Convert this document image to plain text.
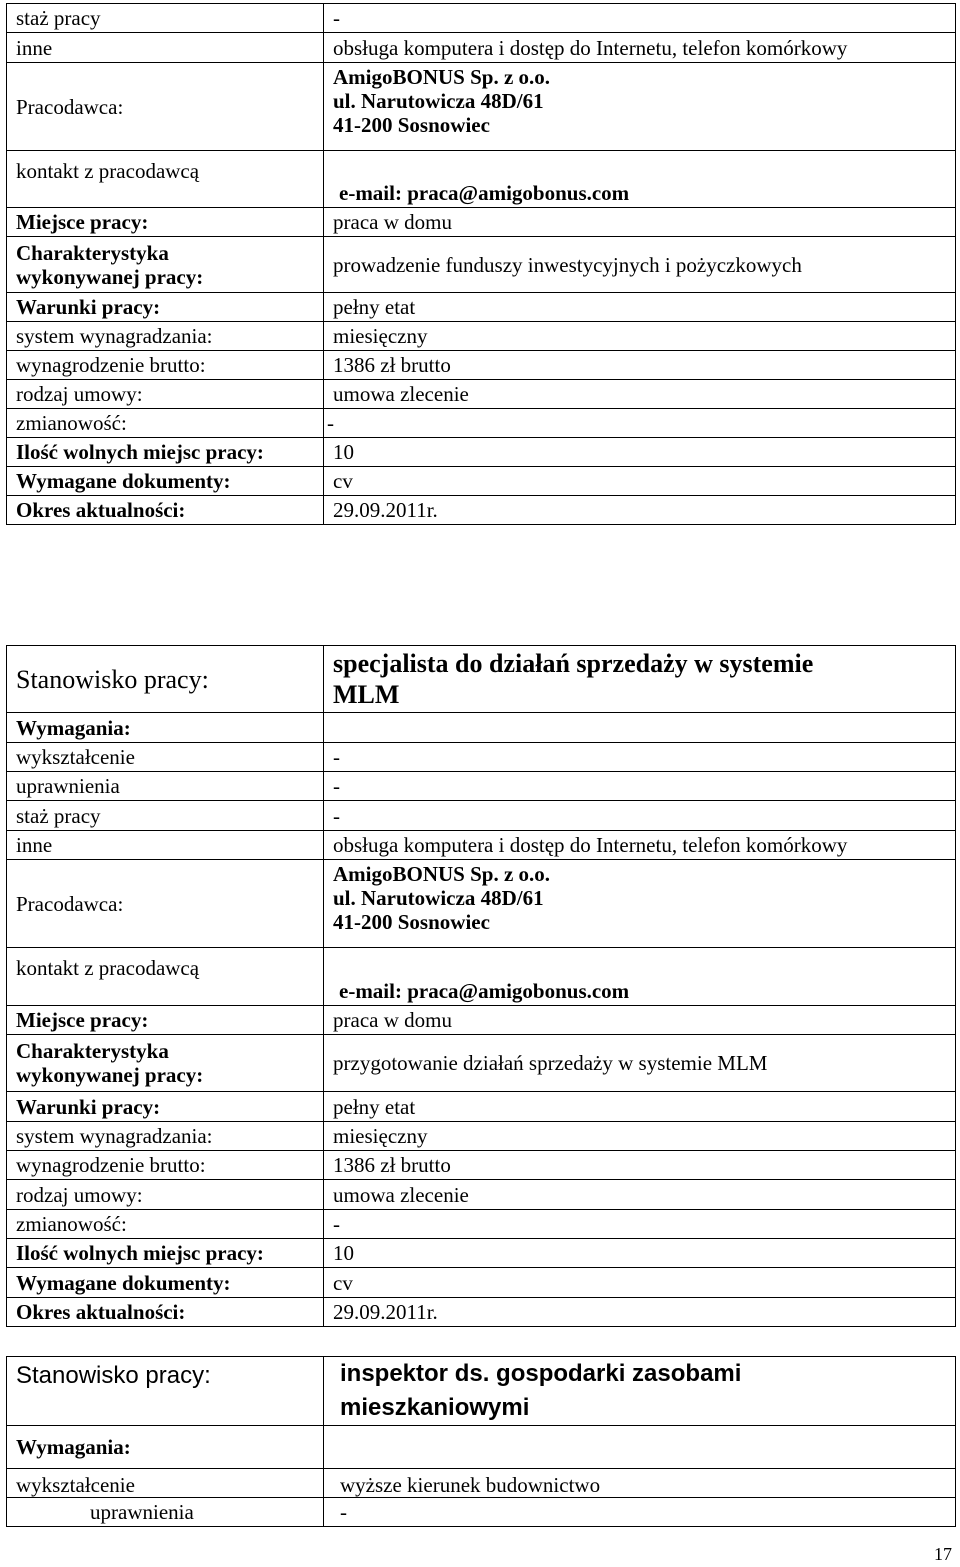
staż pracy	-
inne	obsługa komputera i dostęp do Internetu, telefon komórkowy
Pracodawca:	AmigoBONUS Sp. z o.o.
ul. Narutowicza 48D/61
41-200 Sosnowiec

kontakt z pracodawcą	e-mail: praca@amigobonus.com

Miejsce pracy:	praca w domu

Charakterystyka
wykonywanej pracy:	prowadzenie funduszy inwestycyjnych i pożyczkowych
Warunki pracy:	pełny etat
system wynagradzania:	miesięczny
wynagrodzenie brutto:	1386 zł brutto
rodzaj umowy:	umowa zlecenie
zmianowość: -	

Ilość wolnych miejsc pracy:	10
Wymagane dokumenty:	cv
Okres aktualności:	29.09.2011r.
Stanowisko pracy:	specjalista do działań sprzedaży w systemie
MLM

Wymagania:	
wykształcenie	-
uprawnienia	-
staż pracy	-
inne	obsługa komputera i dostęp do Internetu, telefon komórkowy
Pracodawca:	AmigoBONUS Sp. z o.o.
ul. Narutowicza 48D/61
41-200 Sosnowiec

kontakt z pracodawcą	e-mail: praca@amigobonus.com

Miejsce pracy:	praca w domu

Charakterystyka
wykonywanej pracy:	przygotowanie działań sprzedaży w systemie MLM
Warunki pracy:	pełny etat
system wynagradzania:	miesięczny
wynagrodzenie brutto:	1386 zł brutto
rodzaj umowy:	umowa zlecenie
zmianowość:	-
Ilość wolnych miejsc pracy:	10
Wymagane dokumenty:	cv
Okres aktualności:	29.09.2011r.
Stanowisko pracy:	inspektor ds. gospodarki zasobami
mieszkaniowymi

Wymagania:	
wykształcenie	wyższe kierunek budownictwo
uprawnienia	-
17
